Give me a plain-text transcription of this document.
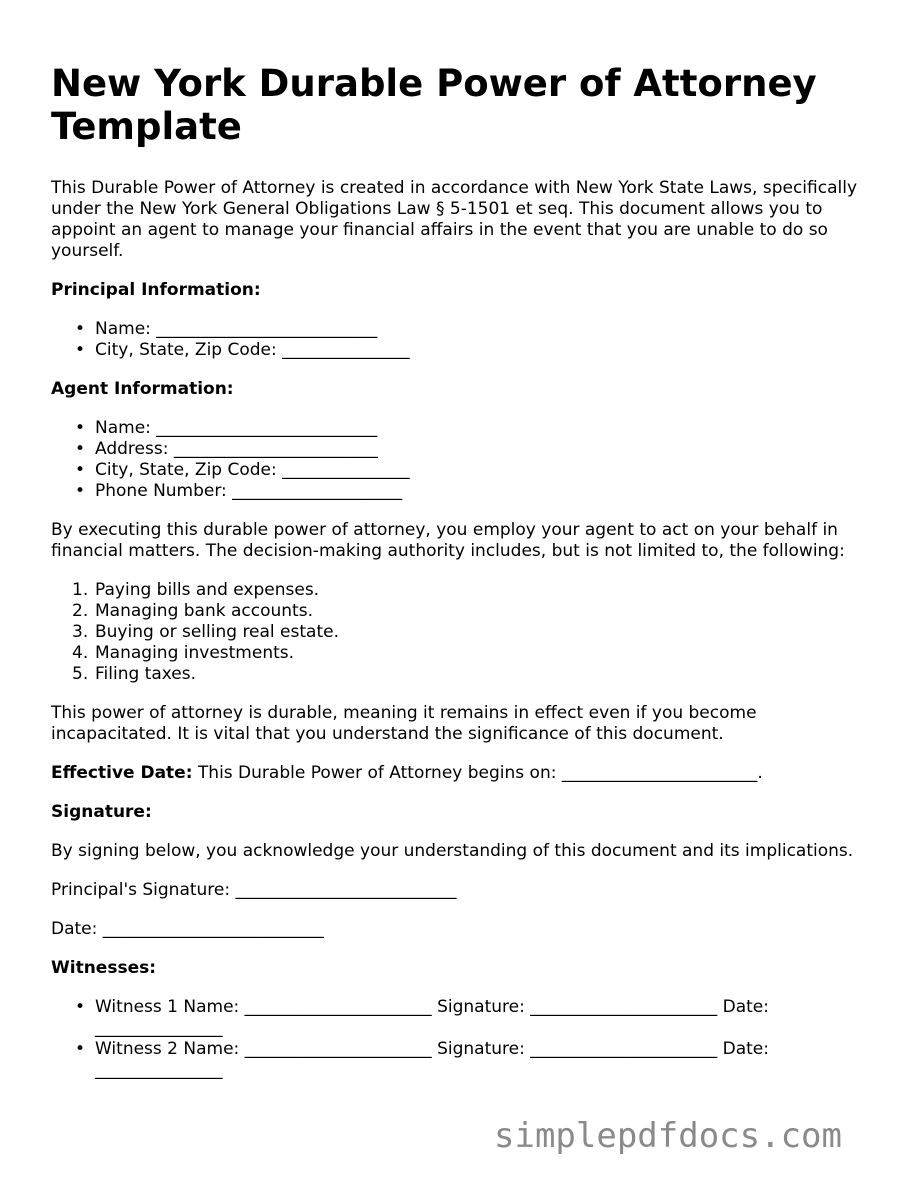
New York Durable Power of Attorney Template

This Durable Power of Attorney is created in accordance with New York State Laws, specifically under the New York General Obligations Law § 5-1501 et seq. This document allows you to appoint an agent to manage your financial affairs in the event that you are unable to do so yourself.

Principal Information:
• Name: __________________________
• City, State, Zip Code: _______________
Agent Information:
• Name: __________________________
• Address: ________________________
• City, State, Zip Code: _______________
• Phone Number: ____________________

By executing this durable power of attorney, you employ your agent to act on your behalf in financial matters. The decision-making authority includes, but is not limited to, the following:

1. Paying bills and expenses.
2. Managing bank accounts.
3. Buying or selling real estate.
4. Managing investments.
5. Filing taxes.

This power of attorney is durable, meaning it remains in effect even if you become incapacitated. It is vital that you understand the significance of this document.

Effective Date: This Durable Power of Attorney begins on: _______________________.

Signature:

By signing below, you acknowledge your understanding of this document and its implications.

Principal's Signature: __________________________

Date: __________________________

Witnesses:
• Witness 1 Name: ______________________ Signature: ______________________ Date:
_______________
• Witness 2 Name: ______________________ Signature: ______________________ Date:
_______________
simplepdfdocs.com
